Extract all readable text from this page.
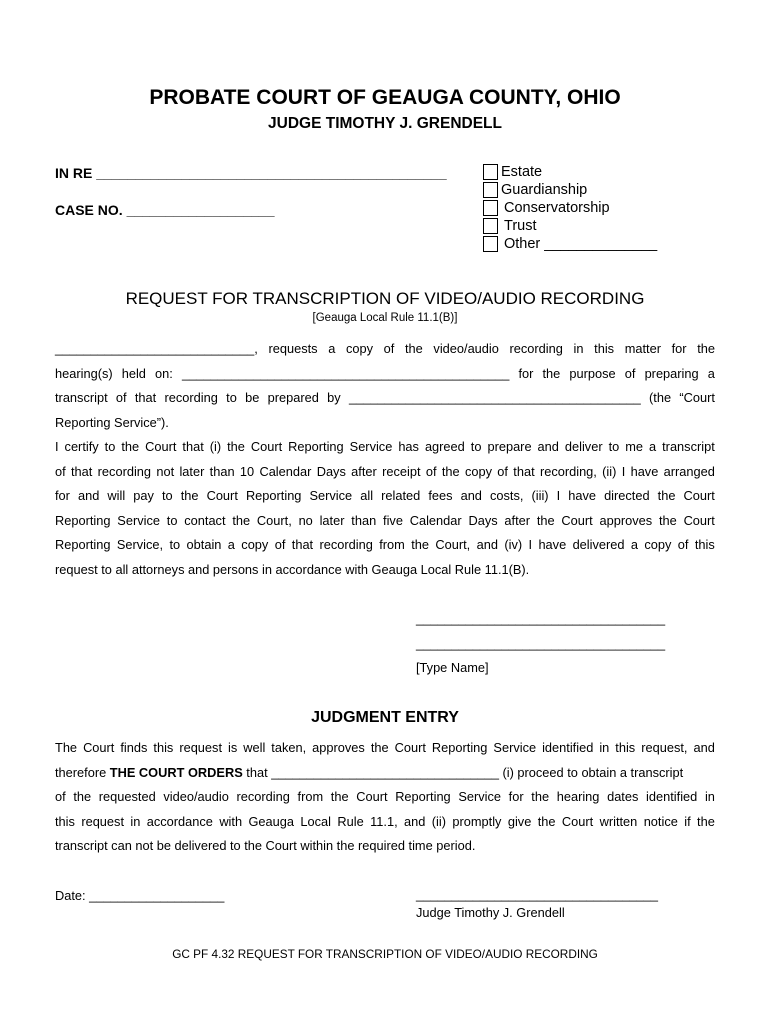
PROBATE COURT OF GEAUGA COUNTY, OHIO
JUDGE TIMOTHY J. GRENDELL
IN RE _____________________________________________
CASE NO. ___________________
Estate
Guardianship
Conservatorship
Trust
Other ______________
REQUEST FOR TRANSCRIPTION OF VIDEO/AUDIO RECORDING
[Geauga Local Rule 11.1(B)]
____________________________, requests a copy of the video/audio recording in this matter for the
hearing(s) held on: ______________________________________________ for the purpose of preparing a
transcript of that recording to be prepared by _________________________________________ (the “Court
Reporting Service”).
I certify to the Court that (i) the Court Reporting Service has agreed to prepare and deliver to me a transcript
of that recording not later than 10 Calendar Days after receipt of the copy of that recording, (ii) I have arranged
for and will pay to the Court Reporting Service all related fees and costs, (iii) I have directed the Court
Reporting Service to contact the Court, no later than five Calendar Days after the Court approves the Court
Reporting Service, to obtain a copy of that recording from the Court, and (iv) I have delivered a copy of this
request to all attorneys and persons in accordance with Geauga Local Rule 11.1(B).
___________________________________
___________________________________
[Type Name]
JUDGMENT ENTRY
The Court finds this request is well taken, approves the Court Reporting Service identified in this request, and
therefore THE COURT ORDERS that ________________________________ (i) proceed to obtain a transcript
of the requested video/audio recording from the Court Reporting Service for the hearing dates identified in
this request in accordance with Geauga Local Rule 11.1, and (ii) promptly give the Court written notice if the
transcript can not be delivered to the Court within the required time period.
Date: ___________________	__________________________________
Judge Timothy J. Grendell
GC PF 4.32 REQUEST FOR TRANSCRIPTION OF VIDEO/AUDIO RECORDING
